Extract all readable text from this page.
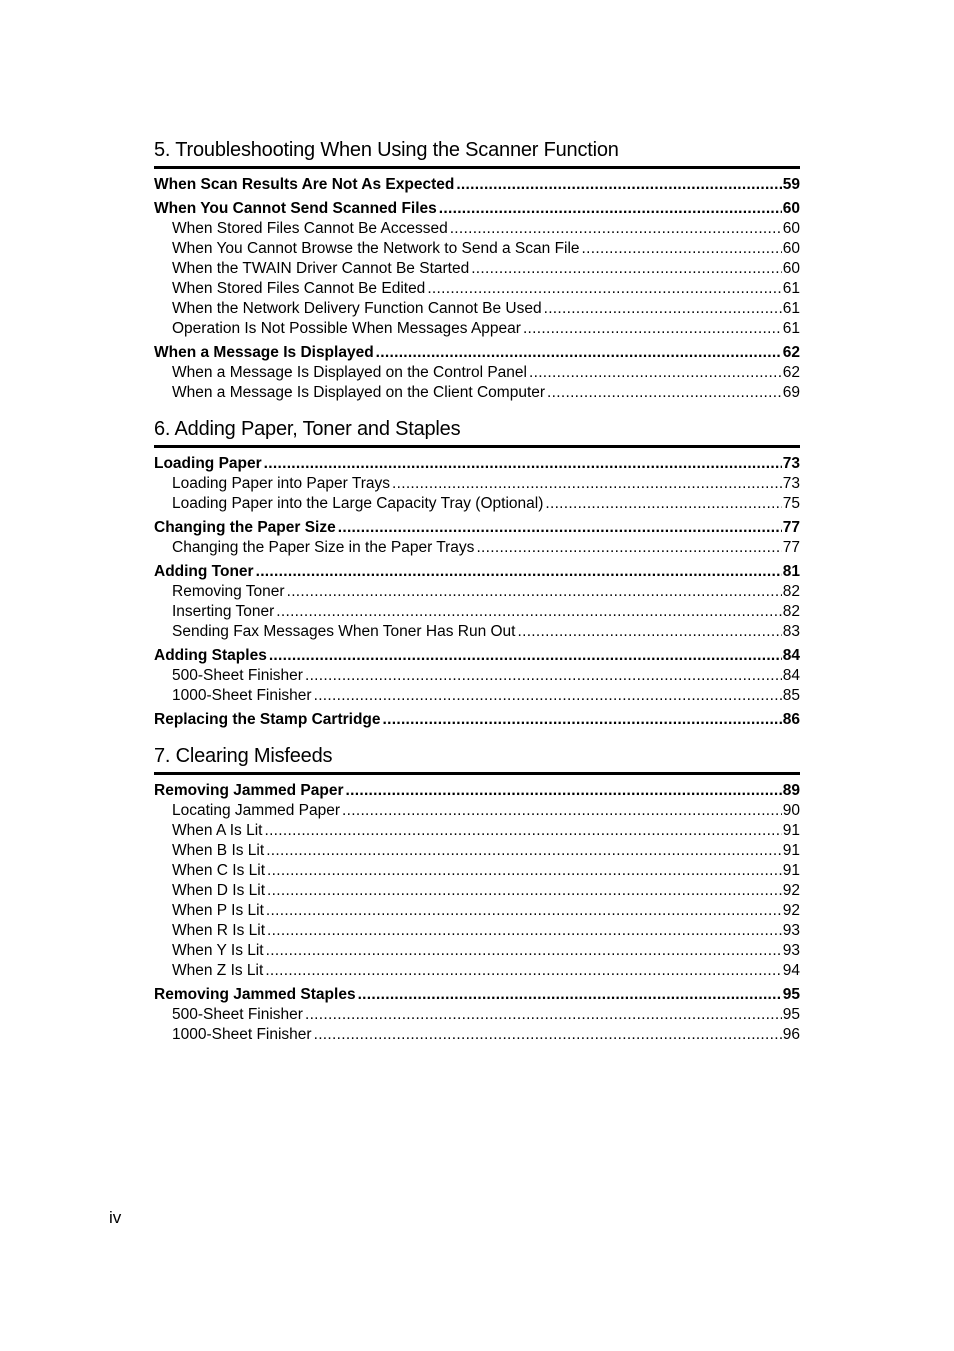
5. Troubleshooting When Using the Scanner Function
When Scan Results Are Not As Expected .....	59
When You Cannot Send Scanned Files .....	60
When Stored Files Cannot Be Accessed .....	60
When You Cannot Browse the Network to Send a Scan File .....	60
When the TWAIN Driver Cannot Be Started .....	60
When Stored Files Cannot Be Edited .....	61
When the Network Delivery Function Cannot Be Used .....	61
Operation Is Not Possible When Messages Appear .....	61
When a Message Is Displayed .....	62
When a Message Is Displayed on the Control Panel .....	62
When a Message Is Displayed on the Client Computer .....	69
6. Adding Paper, Toner and Staples
Loading Paper .....	73
Loading Paper into Paper Trays .....	73
Loading Paper into the Large Capacity Tray (Optional) .....	75
Changing the Paper Size .....	77
Changing the Paper Size in the Paper Trays .....	77
Adding Toner .....	81
Removing Toner .....	82
Inserting Toner .....	82
Sending Fax Messages When Toner Has Run Out .....	83
Adding Staples .....	84
500-Sheet Finisher .....	84
1000-Sheet Finisher .....	85
Replacing the Stamp Cartridge .....	86
7. Clearing Misfeeds
Removing Jammed Paper .....	89
Locating Jammed Paper .....	90
When A Is Lit .....	91
When B Is Lit .....	91
When C Is Lit .....	91
When D Is Lit .....	92
When P Is Lit .....	92
When R Is Lit .....	93
When Y Is Lit .....	93
When Z Is Lit .....	94
Removing Jammed Staples .....	95
500-Sheet Finisher .....	95
1000-Sheet Finisher .....	96
iv
